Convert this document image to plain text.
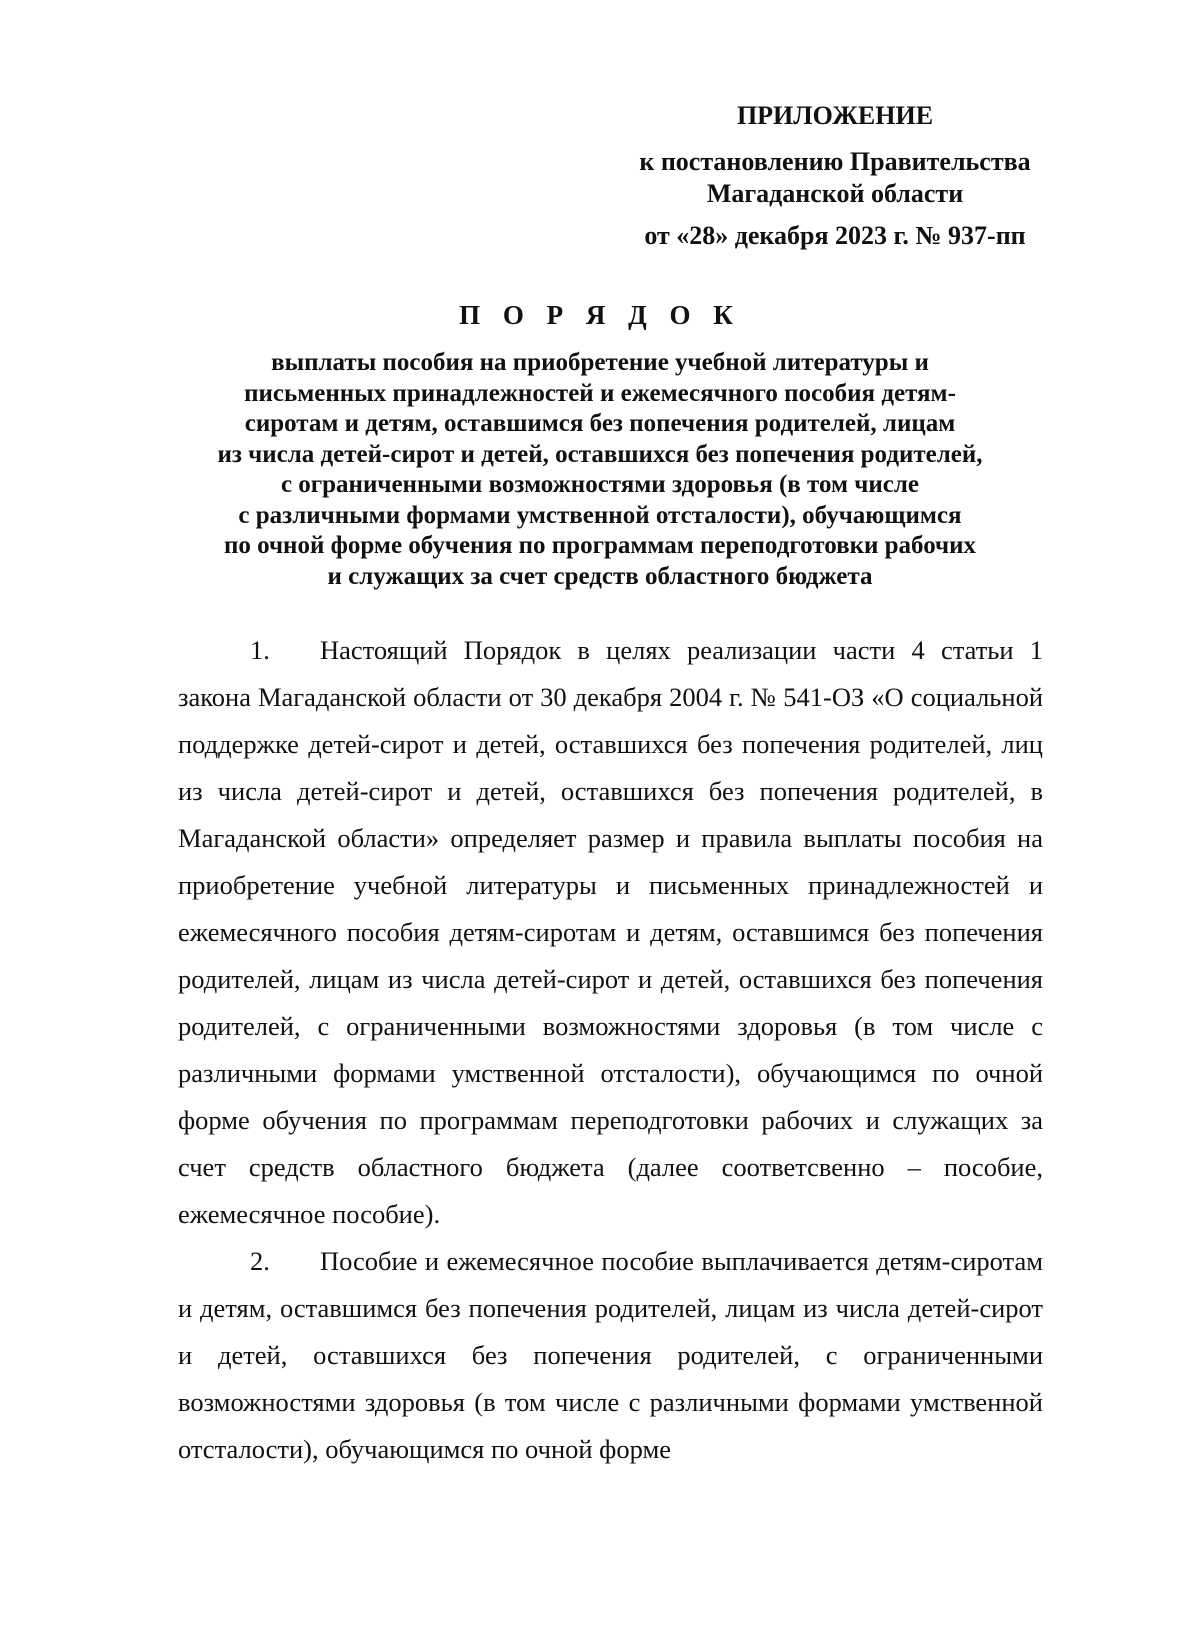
ПРИЛОЖЕНИЕ
к постановлению Правительства
Магаданской области
от «28» декабря 2023 г. № 937-пп
П О Р Я Д О К
выплаты пособия на приобретение учебной литературы и
письменных принадлежностей и ежемесячного пособия детям-
сиротам и детям, оставшимся без попечения родителей, лицам
из числа детей-сирот и детей, оставшихся без попечения родителей,
с ограниченными возможностями здоровья (в том числе
с различными формами умственной отсталости), обучающимся
по очной форме обучения по программам переподготовки рабочих
и служащих за счет средств областного бюджета

1. Настоящий Порядок в целях реализации части 4 статьи 1 закона Магаданской области от 30 декабря 2004 г. № 541-ОЗ «О социальной поддержке детей-сирот и детей, оставшихся без попечения родителей, лиц из числа детей-сирот и детей, оставшихся без попечения родителей, в Магаданской области» определяет размер и правила выплаты пособия на приобретение учебной литературы и письменных принадлежностей и ежемесячного пособия детям-сиротам и детям, оставшимся без попечения родителей, лицам из числа детей-сирот и детей, оставшихся без попечения родителей, с ограниченными возможностями здоровья (в том числе с различными формами умственной отсталости), обучающимся по очной форме обучения по программам переподготовки рабочих и служащих за счет средств областного бюджета (далее соответсвенно – пособие, ежемесячное пособие).

2. Пособие и ежемесячное пособие выплачивается детям-сиротам и детям, оставшимся без попечения родителей, лицам из числа детей-сирот и детей, оставшихся без попечения родителей, с ограниченными возможностями здоровья (в том числе с различными формами умственной отсталости), обучающимся по очной форме
